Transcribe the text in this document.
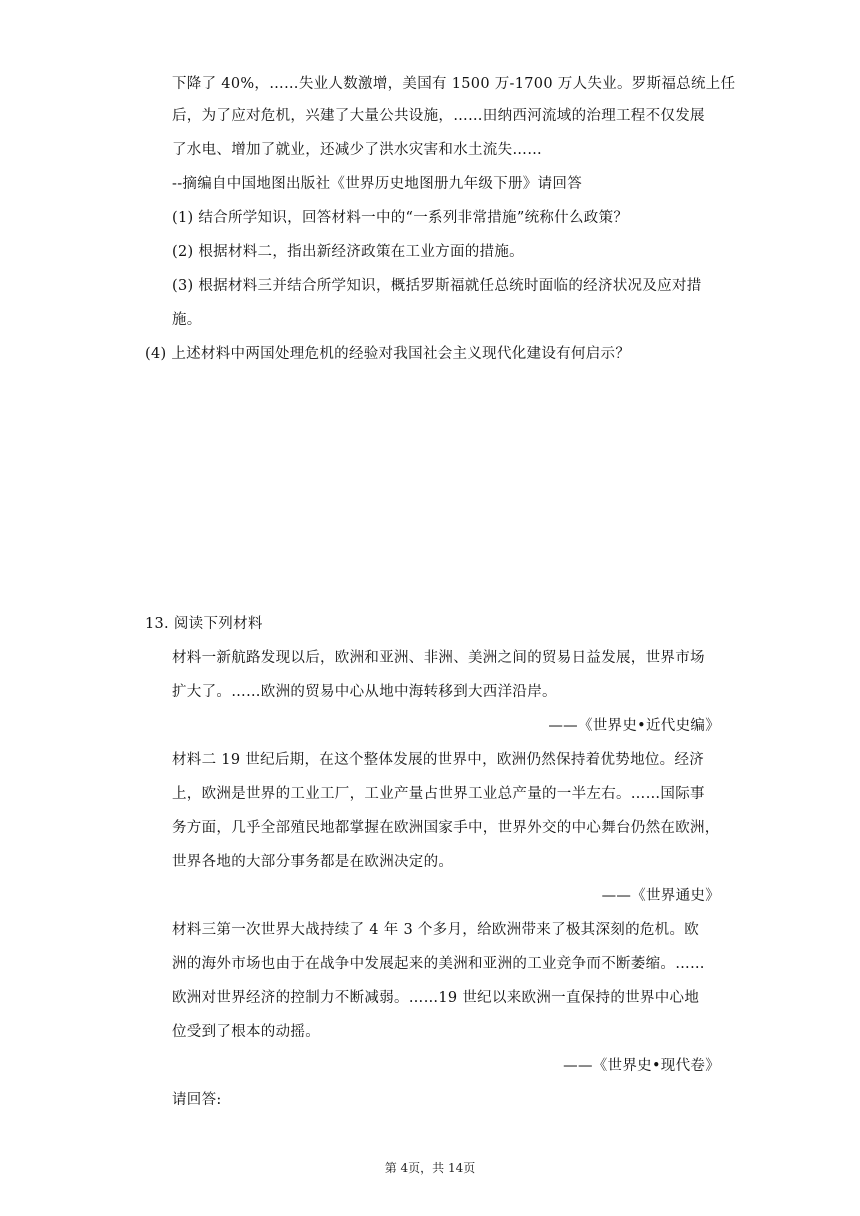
下降了 40%，……失业人数激增，美国有 1500 万-1700 万人失业。罗斯福总统上任
后，为了应对危机，兴建了大量公共设施，……田纳西河流域的治理工程不仅发展
了水电、增加了就业，还减少了洪水灾害和水土流失……
--摘编自中国地图出版社《世界历史地图册九年级下册》请回答
(1) 结合所学知识，回答材料一中的“一系列非常措施”统称什么政策？
(2) 根据材料二，指出新经济政策在工业方面的措施。
(3) 根据材料三并结合所学知识，概括罗斯福就任总统时面临的经济状况及应对措
施。
(4) 上述材料中两国处理危机的经验对我国社会主义现代化建设有何启示？
13. 阅读下列材料
材料一新航路发现以后，欧洲和亚洲、非洲、美洲之间的贸易日益发展，世界市场
扩大了。……欧洲的贸易中心从地中海转移到大西洋沿岸。
——《世界史•近代史编》
材料二 19 世纪后期，在这个整体发展的世界中，欧洲仍然保持着优势地位。经济
上，欧洲是世界的工业工厂，工业产量占世界工业总产量的一半左右。……国际事
务方面，几乎全部殖民地都掌握在欧洲国家手中，世界外交的中心舞台仍然在欧洲，
世界各地的大部分事务都是在欧洲决定的。
——《世界通史》
材料三第一次世界大战持续了 4 年 3 个多月，给欧洲带来了极其深刻的危机。欧
洲的海外市场也由于在战争中发展起来的美洲和亚洲的工业竞争而不断萎缩。……
欧洲对世界经济的控制力不断减弱。……19 世纪以来欧洲一直保持的世界中心地
位受到了根本的动摇。
——《世界史•现代卷》
请回答:
第 4页，共 14页
